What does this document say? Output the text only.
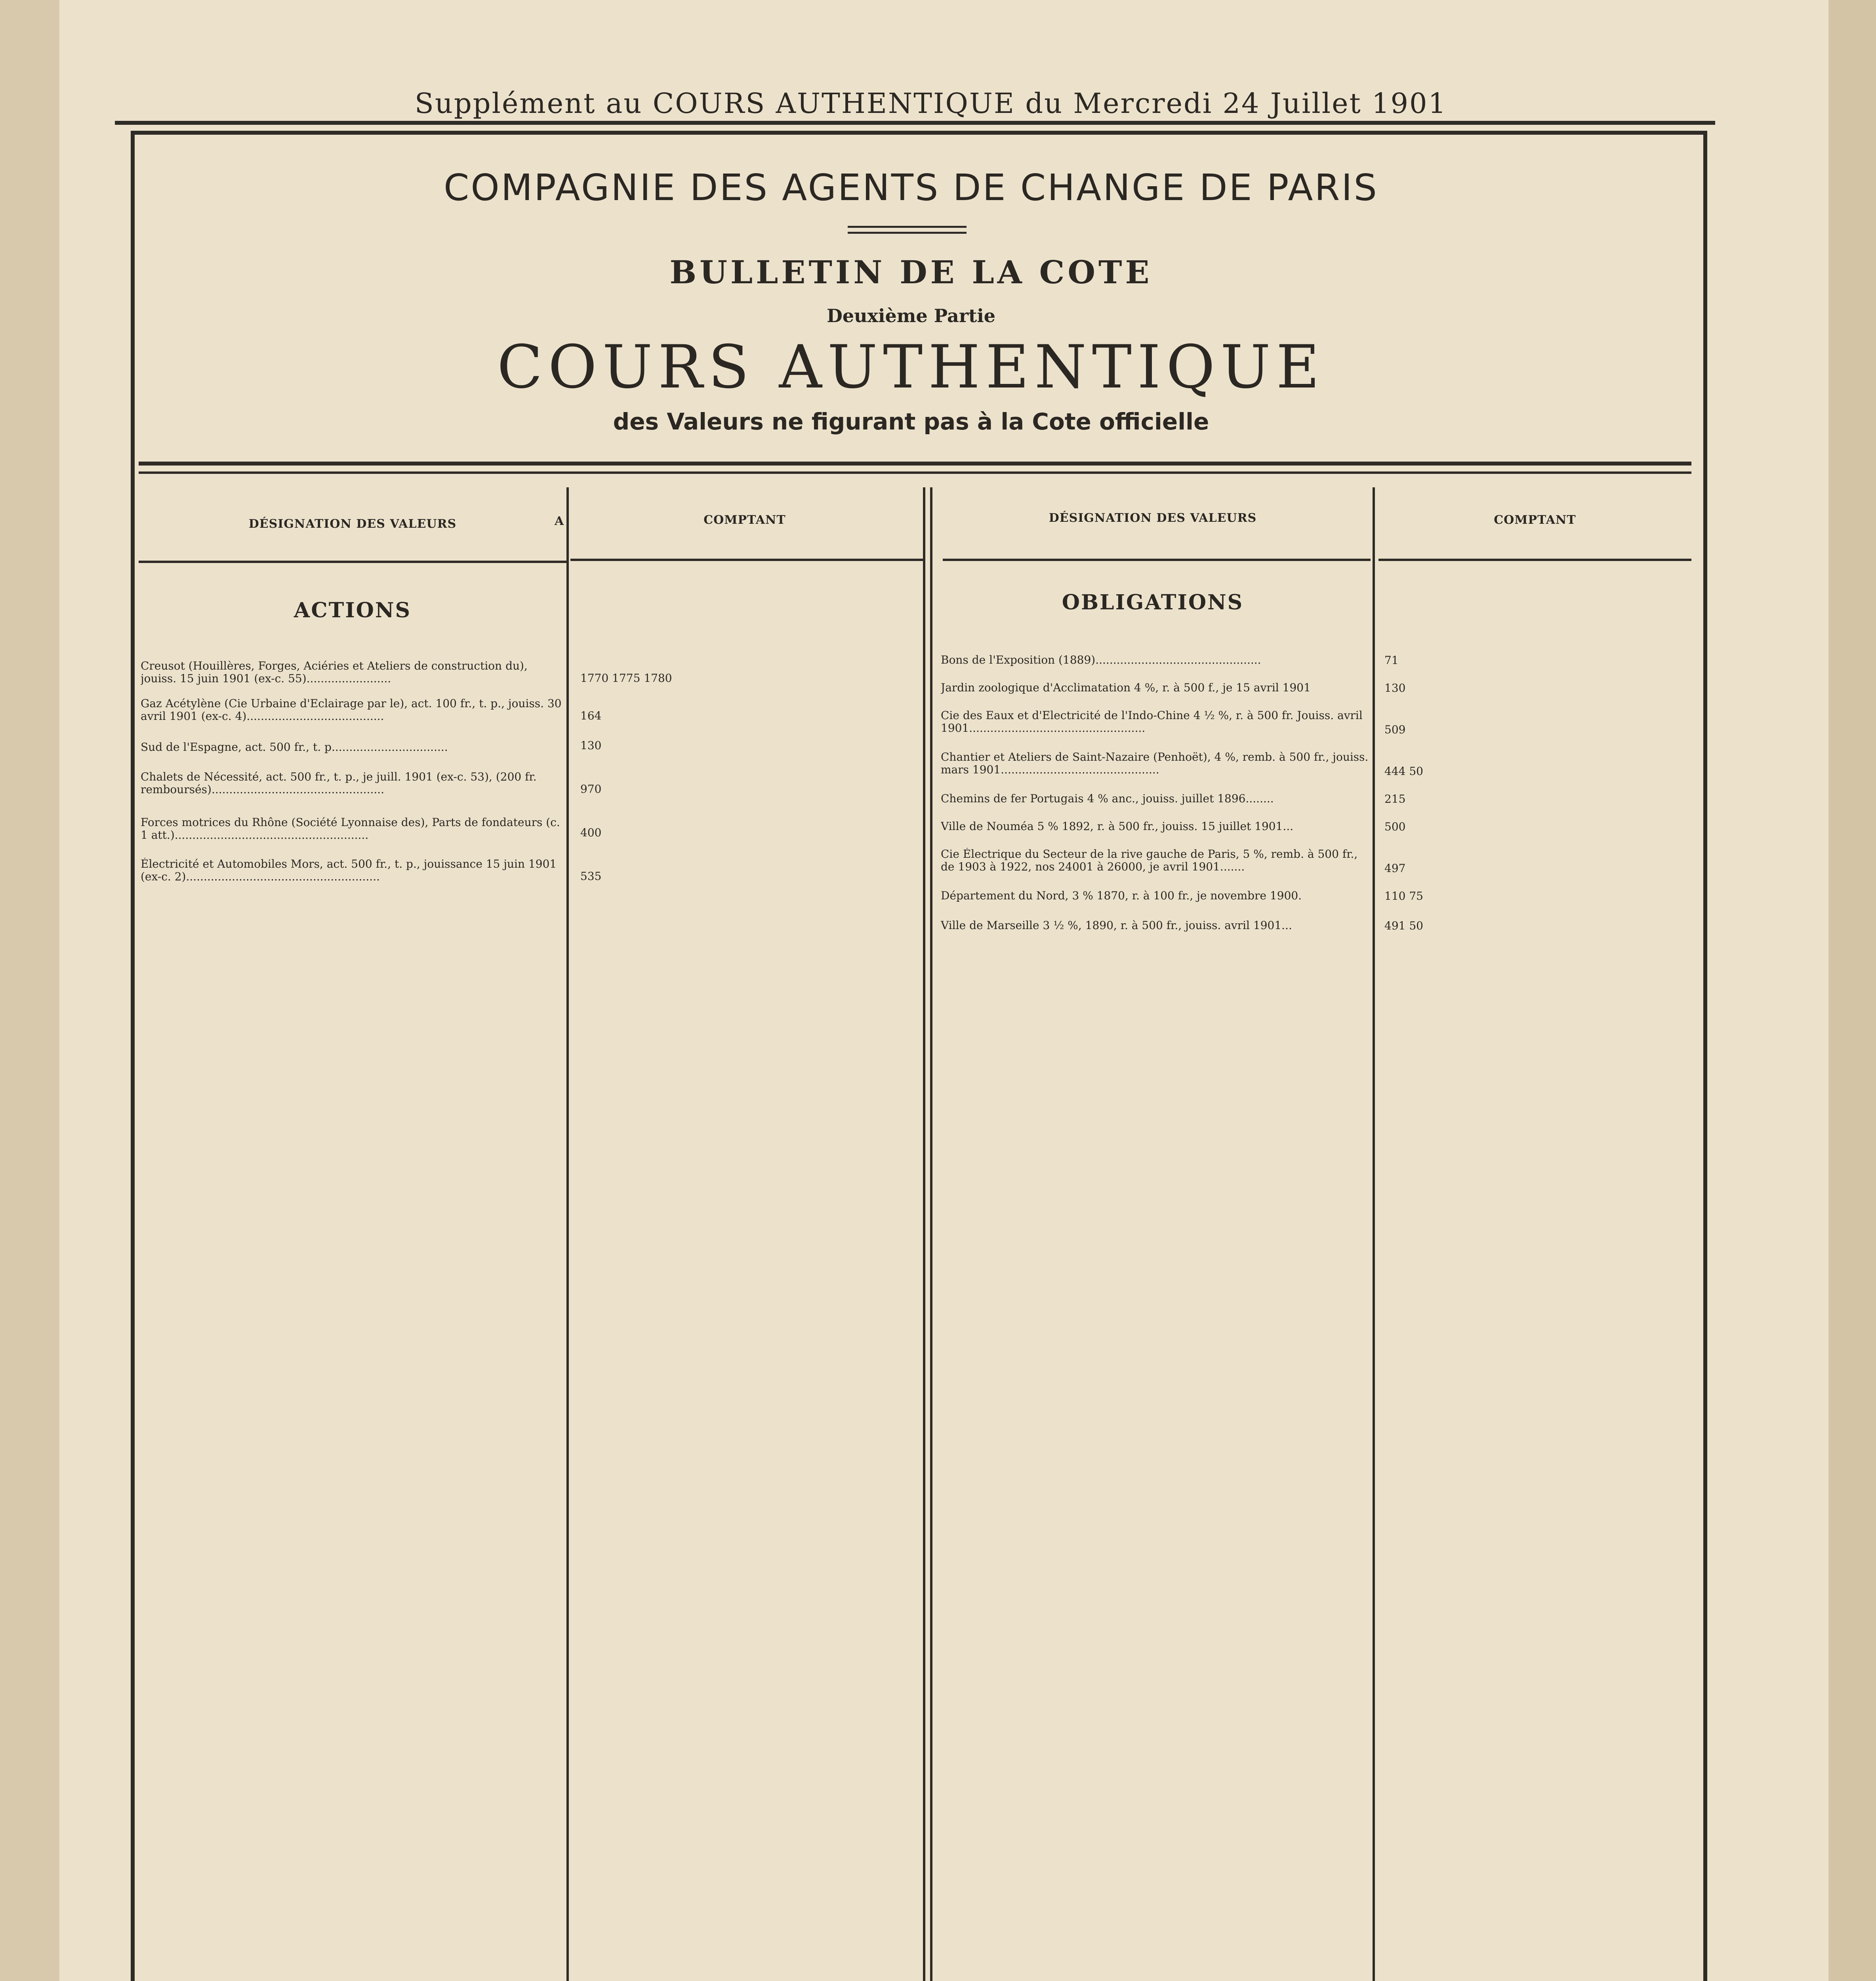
Supplément au COURS AUTHENTIQUE du Mercredi 24 Juillet 1901
COMPAGNIE DES AGENTS DE CHANGE DE PARIS
BULLETIN DE LA COTE
Deuxième Partie
COURS AUTHENTIQUE
des Valeurs ne figurant pas à la Cote officielle
DÉSIGNATION DES VALEURS	A	COMPTANT	DÉSIGNATION DES VALEURS	COMPTANT
ACTIONS
Creusot (Houillères, Forges, Aciéries et Ateliers de construction du), jouiss. 15 juin 1901 (ex-c. 55)........................	1770 1775 1780
Gaz Acétylène (Cie Urbaine d'Eclairage par le), act. 100 fr., t. p., jouiss. 30 avril 1901 (ex-c. 4).......................................	164
Sud de l'Espagne, act. 500 fr., t. p.................................	130
Chalets de Nécessité, act. 500 fr., t. p., je juill. 1901 (ex-c. 53), (200 fr. remboursés).................................................	970
Forces motrices du Rhône (Société Lyonnaise des), Parts de fondateurs (c. 1 att.).......................................................	400
Électricité et Automobiles Mors, act. 500 fr., t. p., jouissance 15 juin 1901 (ex-c. 2).......................................................	535
OBLIGATIONS
Bons de l'Exposition (1889)...............................................	71
Jardin zoologique d'Acclimatation 4 %, r. à 500 f., je 15 avril 1901	130
Cie des Eaux et d'Electricité de l'Indo-Chine 4 ½ %, r. à 500 fr. Jouiss. avril 1901..................................................	509
Chantier et Ateliers de Saint-Nazaire (Penhoët), 4 %, remb. à 500 fr., jouiss. mars 1901.............................................	444 50
Chemins de fer Portugais 4 % anc., jouiss. juillet 1896........	215
Ville de Nouméa 5 % 1892, r. à 500 fr., jouiss. 15 juillet 1901...	500
Cie Électrique du Secteur de la rive gauche de Paris, 5 %, remb. à 500 fr., de 1903 à 1922, nos 24001 à 26000, je avril 1901.......	497
Département du Nord, 3 % 1870, r. à 100 fr., je novembre 1900.	110 75
Ville de Marseille 3 ½ %, 1890, r. à 500 fr., jouiss. avril 1901...	491 50
